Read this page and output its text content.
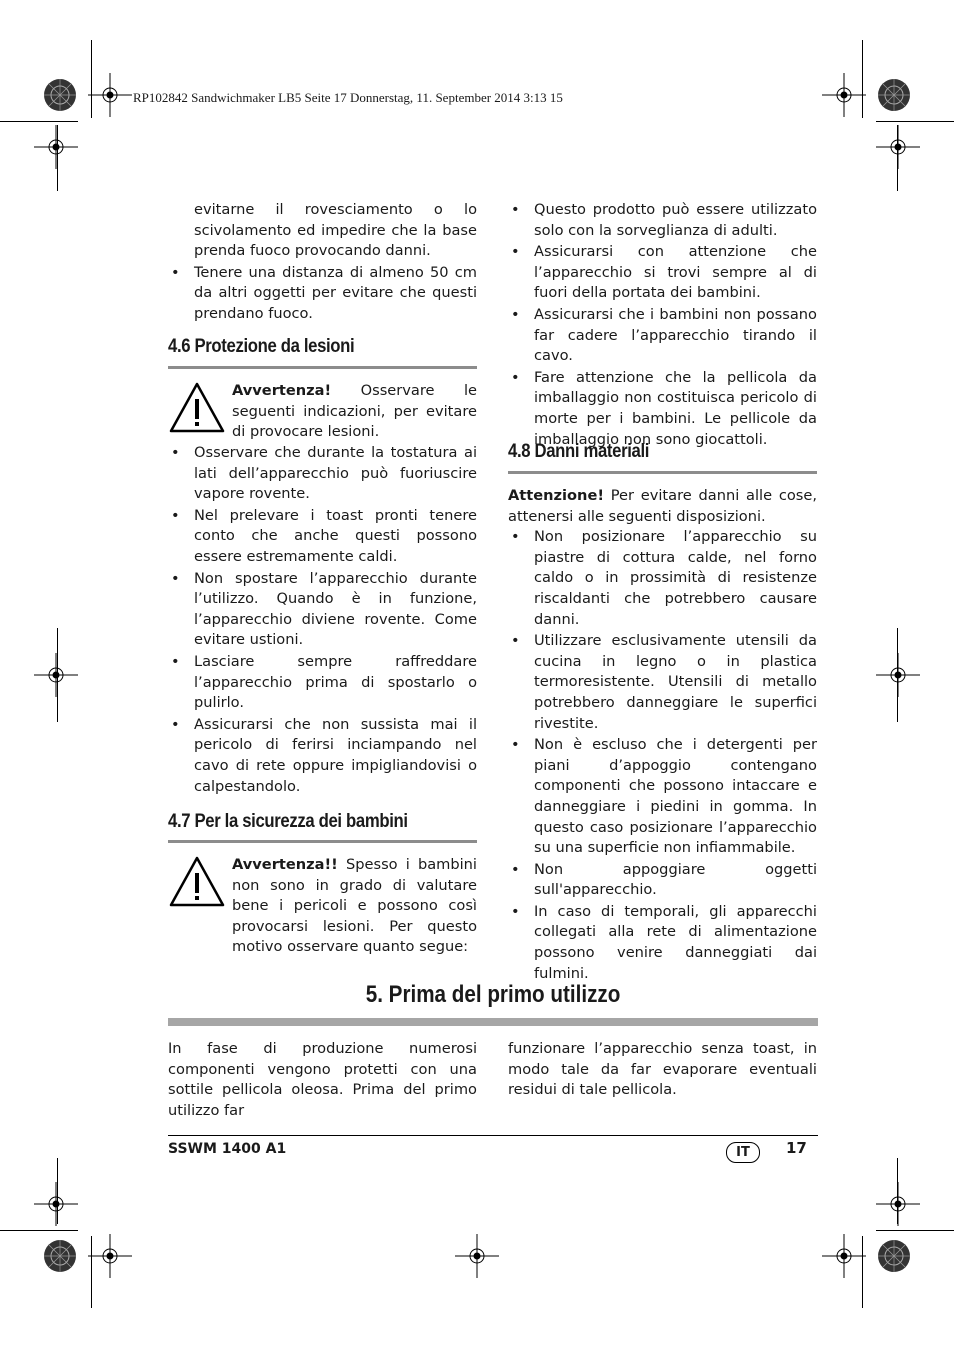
RP102842 Sandwichmaker LB5 Seite 17 Donnerstag, 11. September 2014 3:13 15

evitarne il rovesciamento o lo scivolamento ed impedire che la base prenda fuoco provocando danni.

• Tenere una distanza di almeno 50 cm da altri oggetti per evitare che questi prendano fuoco.
4.6 Protezione da lesioni
Avvertenza! Osservare le seguenti indicazioni, per evitare di provocare lesioni.
• Osservare che durante la tostatura ai lati dell’apparecchio può fuoriuscire vapore rovente.
• Nel prelevare i toast pronti tenere conto che anche questi possono essere estremamente caldi.
• Non spostare l’apparecchio durante l’utilizzo. Quando è in funzione, l’apparecchio diviene rovente. Come evitare ustioni.
• Lasciare sempre raffreddare l’apparecchio prima di spostarlo o pulirlo.
• Assicurarsi che non sussista mai il pericolo di ferirsi inciampando nel cavo di rete oppure impigliandovisi o calpestandolo.
4.7 Per la sicurezza dei bambini
Avvertenza!! Spesso i bambini non sono in grado di valutare bene i pericoli e possono così provocarsi lesioni. Per questo motivo osservare quanto segue:
• Questo prodotto può essere utilizzato solo con la sorveglianza di adulti.
• Assicurarsi con attenzione che l’apparecchio si trovi sempre al di fuori della portata dei bambini.
• Assicurarsi che i bambini non possano far cadere l’apparecchio tirando il cavo.
• Fare attenzione che la pellicola da imballaggio non costituisca pericolo di morte per i bambini. Le pellicole da imballaggio non sono giocattoli.
4.8 Danni materiali

Attenzione! Per evitare danni alle cose, attenersi alle seguenti disposizioni.

• Non posizionare l’apparecchio su piastre di cottura calde, nel forno caldo o in prossimità di resistenze riscaldanti che potrebbero causare danni.
• Utilizzare esclusivamente utensili da cucina in legno o in plastica termoresistente. Utensili di metallo potrebbero danneggiare le superfici rivestite.
• Non è escluso che i detergenti per piani d’appoggio contengano componenti che possono intaccare e danneggiare i piedini in gomma. In questo caso posizionare l’apparecchio su una superficie non infiammabile.
• Non appoggiare oggetti sull'apparecchio.
• In caso di temporali, gli apparecchi collegati alla rete di alimentazione possono venire danneggiati dai fulmini.
5. Prima del primo utilizzo

In fase di produzione numerosi componenti vengono protetti con una sottile pellicola oleosa. Prima del primo utilizzo far

funzionare l’apparecchio senza toast, in modo tale da far evaporare eventuali residui di tale pellicola.

SSWM 1400 A1	IT	17
